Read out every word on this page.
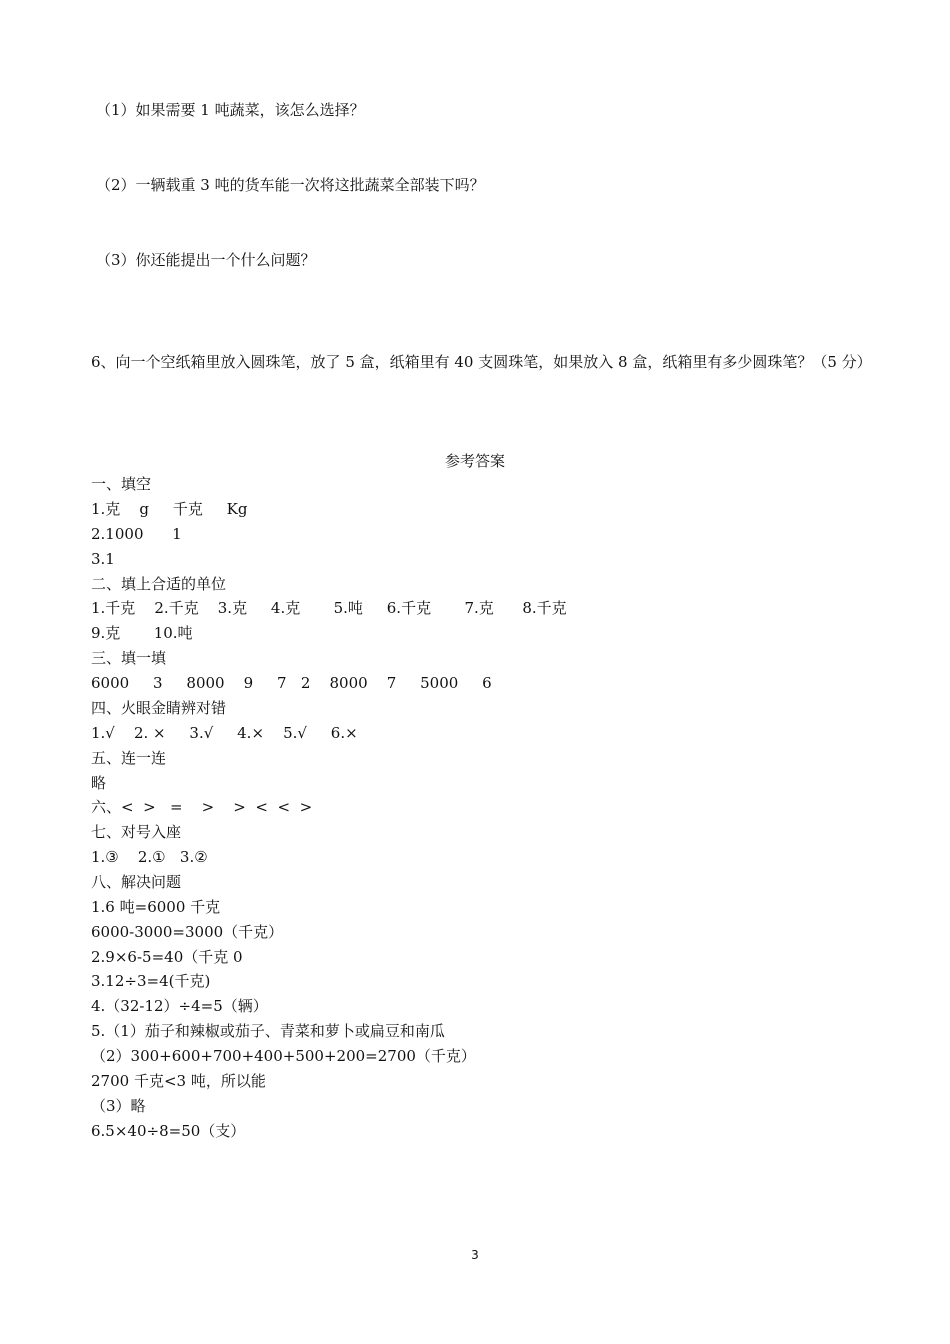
（1）如果需要 1 吨蔬菜，该怎么选择？
（2）一辆载重 3 吨的货车能一次将这批蔬菜全部装下吗？
（3）你还能提出一个什么问题？
6、向一个空纸箱里放入圆珠笔，放了 5 盒，纸箱里有 40 支圆珠笔，如果放入 8 盒，纸箱里有多少圆珠笔？（5 分）
参考答案
一、填空
1.克    g     千克     Kg
2.1000      1
3.1
二、填上合适的单位
1.千克    2.千克    3.克     4.克       5.吨     6.千克       7.克      8.千克
9.克       10.吨
三、填一填
6000     3     8000    9     7   2    8000    7     5000     6
四、火眼金睛辨对错
1.√    2. ×     3.√     4.×    5.√     6.×
五、连一连
略
六、<  >   =    >    >  <  <  >
七、对号入座
1.③    2.①   3.②
八、解决问题
1.6 吨=6000 千克
6000-3000=3000（千克）
2.9×6-5=40（千克 0
3.12÷3=4(千克)
4.（32-12）÷4=5（辆）
5.（1）茄子和辣椒或茄子、青菜和萝卜或扁豆和南瓜
（2）300+600+700+400+500+200=2700（千克）
2700 千克<3 吨，所以能
（3）略
6.5×40÷8=50（支）
3
